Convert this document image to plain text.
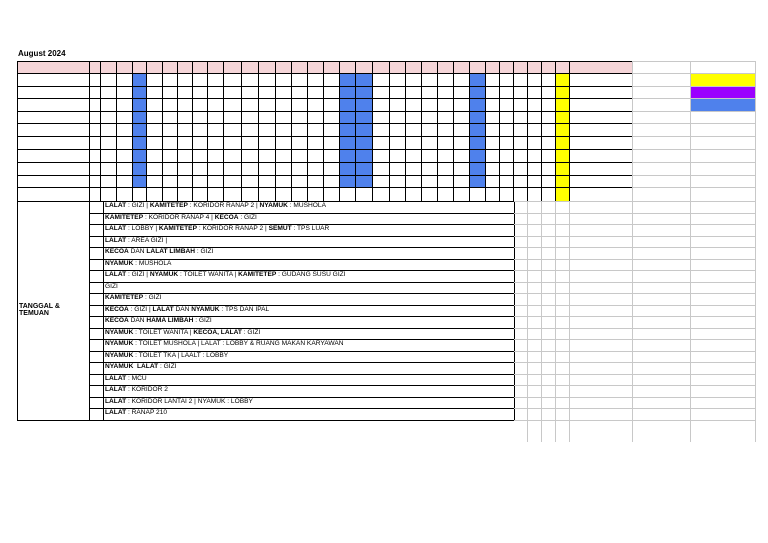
August 2024
TANGGAL &
TEMUAN
LALAT : GIZI | KAMITETEP : KORIDOR RANAP 2 | NYAMUK : MUSHOLA
KAMITETEP : KORIDOR RANAP 4 | KECOA : GIZI
LALAT : LOBBY | KAMITETEP : KORIDOR RANAP 2 | SEMUT : TPS LUAR
LALAT : AREA GIZI |
KECOA DAN LALAT LIMBAH : GIZI
NYAMUK : MUSHOLA
LALAT : GIZI | NYAMUK : TOILET WANITA | KAMITETEP : GUDANG SUSU GIZI
GIZI
KAMITETEP : GIZI
KECOA : GIZI | LALAT DAN NYAMUK : TPS DAN IPAL
KECOA DAN HAMA LIMBAH : GIZI
NYAMUK : TOILET WANITA | KECOA, LALAT : GIZI
NYAMUK : TOILET MUSHOLA | LALAT : LOBBY & RUANG MAKAN KARYAWAN
NYAMUK : TOILET TKA | LAALT : LOBBY
NYAMUK
LALAT : GIZI
LALAT : MCU
LALAT : KORIDOR 2
LALAT : KORIDOR LANTAI 2 | NYAMUK : LOBBY
LALAT : RANAP 210
